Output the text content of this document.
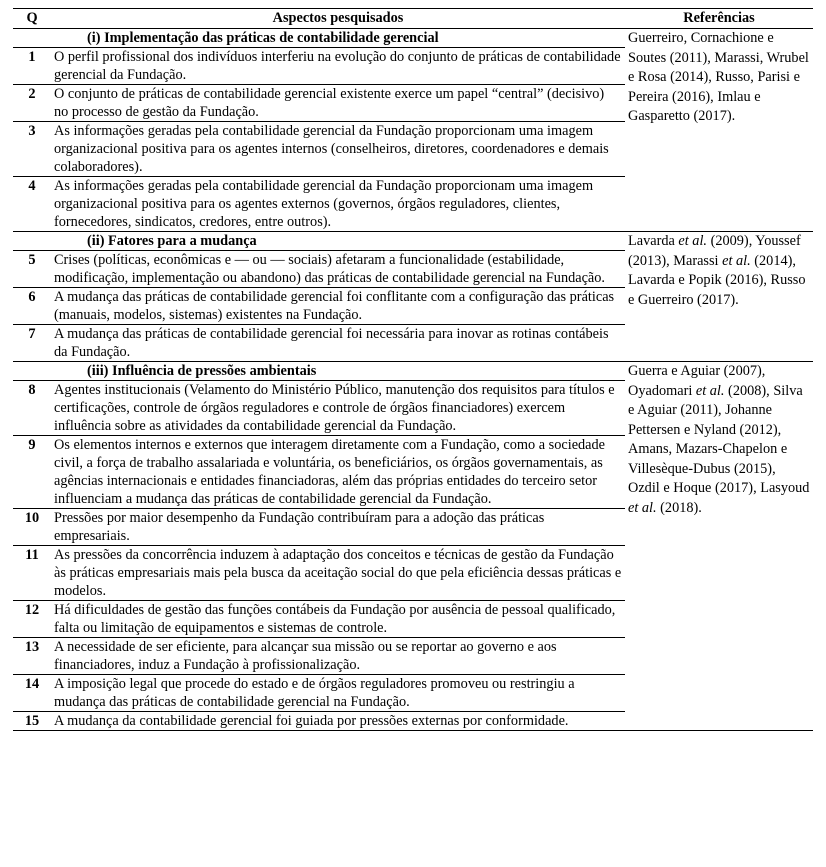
Q	Aspectos pesquisados	Referências
	(i) Implementação das práticas de contabilidade gerencial	Guerreiro, Cornachione e Soutes (2011), Marassi, Wrubel e Rosa (2014), Russo, Parisi e Pereira (2016), Imlau e Gasparetto (2017).
1	O perfil profissional dos indivíduos interferiu na evolução do conjunto de práticas de contabilidade gerencial da Fundação.	
2	O conjunto de práticas de contabilidade gerencial existente exerce um papel “central” (decisivo) no processo de gestão da Fundação.	
3	As informações geradas pela contabilidade gerencial da Fundação proporcionam uma imagem organizacional positiva para os agentes internos (conselheiros, diretores, coordenadores e demais colaboradores).	
4	As informações geradas pela contabilidade gerencial da Fundação proporcionam uma imagem organizacional positiva para os agentes externos (governos, órgãos reguladores, clientes, fornecedores, sindicatos, credores, entre outros).	
	(ii) Fatores para a mudança	Lavarda et al. (2009), Youssef (2013), Marassi et al. (2014), Lavarda e Popik (2016), Russo e Guerreiro (2017).
5	Crises (políticas, econômicas e — ou — sociais) afetaram a funcionalidade (estabilidade, modificação, implementação ou abandono) das práticas de contabilidade gerencial na Fundação.	
6	A mudança das práticas de contabilidade gerencial foi conflitante com a configuração das práticas (manuais, modelos, sistemas) existentes na Fundação.	
7	A mudança das práticas de contabilidade gerencial foi necessária para inovar as rotinas contábeis da Fundação.	
	(iii) Influência de pressões ambientais	Guerra e Aguiar (2007), Oyadomari et al. (2008), Silva e Aguiar (2011), Johanne Pettersen e Nyland (2012), Amans, Mazars-Chapelon e Villesèque-Dubus (2015), Ozdil e Hoque (2017), Lasyoud et al. (2018).
8	Agentes institucionais (Velamento do Ministério Público, manutenção dos requisitos para títulos e certificações, controle de órgãos reguladores e controle de órgãos financiadores) exercem influência sobre as atividades da contabilidade gerencial da Fundação.	
9	Os elementos internos e externos que interagem diretamente com a Fundação, como a sociedade civil, a força de trabalho assalariada e voluntária, os beneficiários, os órgãos governamentais, as agências internacionais e entidades financiadoras, além das próprias entidades do terceiro setor influenciam a mudança das práticas de contabilidade gerencial da Fundação.	
10	Pressões por maior desempenho da Fundação contribuíram para a adoção das práticas empresariais.	
11	As pressões da concorrência induzem à adaptação dos conceitos e técnicas de gestão da Fundação às práticas empresariais mais pela busca da aceitação social do que pela eficiência dessas práticas e modelos.	
12	Há dificuldades de gestão das funções contábeis da Fundação por ausência de pessoal qualificado, falta ou limitação de equipamentos e sistemas de controle.	
13	A necessidade de ser eficiente, para alcançar sua missão ou se reportar ao governo e aos financiadores, induz a Fundação à profissionalização.	
14	A imposição legal que procede do estado e de órgãos reguladores promoveu ou restringiu a mudança das práticas de contabilidade gerencial na Fundação.	
15	A mudança da contabilidade gerencial foi guiada por pressões externas por conformidade.	
